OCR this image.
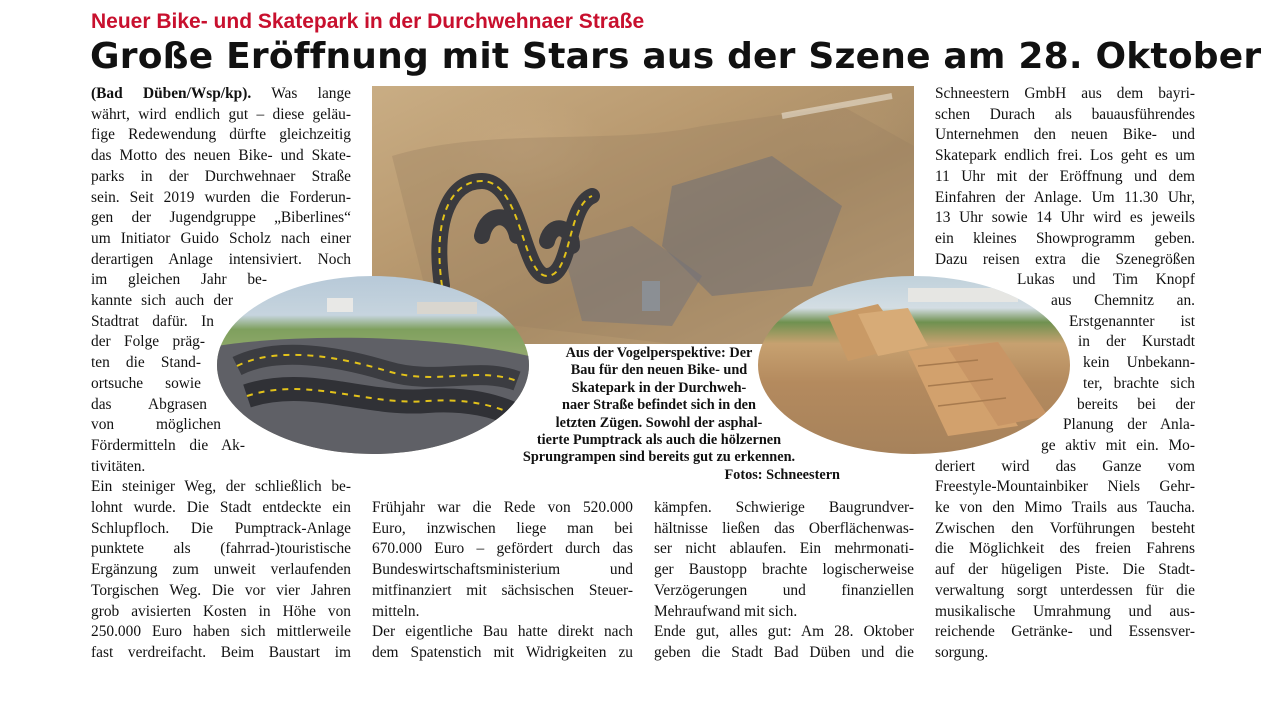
Neuer Bike- und Skatepark in der Durchwehnaer Straße
Große Eröffnung mit Stars aus der Szene am 28. Oktober
Aus der Vogelperspektive: Der
Bau für den neuen Bike- und
Skatepark in der Durchweh-
naer Straße befindet sich in den
letzten Zügen. Sowohl der asphal-
tierte Pumptrack als auch die hölzernen
Sprungrampen sind bereits gut zu erkennen.
Fotos: Schneestern
(Bad Düben/Wsp/kp). Was lange
währt, wird endlich gut – diese geläu-
fige Redewendung dürfte gleichzeitig
das Motto des neuen Bike- und Skate-
parks in der Durchwehnaer Straße
sein. Seit 2019 wurden die Forderun-
gen der Jugendgruppe „Biberlines“
um Initiator Guido Scholz nach einer
derartigen Anlage intensiviert. Noch
im gleichen Jahr be-
kannte sich auch der
Stadtrat dafür. In
der Folge präg-
ten die Stand-
ortsuche sowie
das Abgrasen
von möglichen
Fördermitteln die Ak-
tivitäten.
Ein steiniger Weg, der schließlich be-
lohnt wurde. Die Stadt entdeckte ein
Schlupfloch. Die Pumptrack-Anlage
punktete als (fahrrad-)touristische
Ergänzung zum unweit verlaufenden
Torgischen Weg. Die vor vier Jahren
grob avisierten Kosten in Höhe von
250.000 Euro haben sich mittlerweile
fast verdreifacht. Beim Baustart im
Frühjahr war die Rede von 520.000
Euro, inzwischen liege man bei
670.000 Euro – gefördert durch das
Bundeswirtschaftsministerium und
mitfinanziert mit sächsischen Steuer-
mitteln.
Der eigentliche Bau hatte direkt nach
dem Spatenstich mit Widrigkeiten zu
kämpfen. Schwierige Baugrundver-
hältnisse ließen das Oberflächenwas-
ser nicht ablaufen. Ein mehrmonati-
ger Baustopp brachte logischerweise
Verzögerungen und finanziellen
Mehraufwand mit sich.
Ende gut, alles gut: Am 28. Oktober
geben die Stadt Bad Düben und die
Schneestern GmbH aus dem bayri-
schen Durach als bauausführendes
Unternehmen den neuen Bike- und
Skatepark endlich frei. Los geht es um
11 Uhr mit der Eröffnung und dem
Einfahren der Anlage. Um 11.30 Uhr,
13 Uhr sowie 14 Uhr wird es jeweils
ein kleines Showprogramm geben.
Dazu reisen extra die Szenegrößen
Lukas und Tim Knopf
aus Chemnitz an.
Erstgenannter ist
in der Kurstadt
kein Unbekann-
ter, brachte sich
bereits bei der
Planung der Anla-
ge aktiv mit ein. Mo-
deriert wird das Ganze vom
Freestyle-Mountainbiker Niels Gehr-
ke von den Mimo Trails aus Taucha.
Zwischen den Vorführungen besteht
die Möglichkeit des freien Fahrens
auf der hügeligen Piste. Die Stadt-
verwaltung sorgt unterdessen für die
musikalische Umrahmung und aus-
reichende Getränke- und Essensver-
sorgung.
